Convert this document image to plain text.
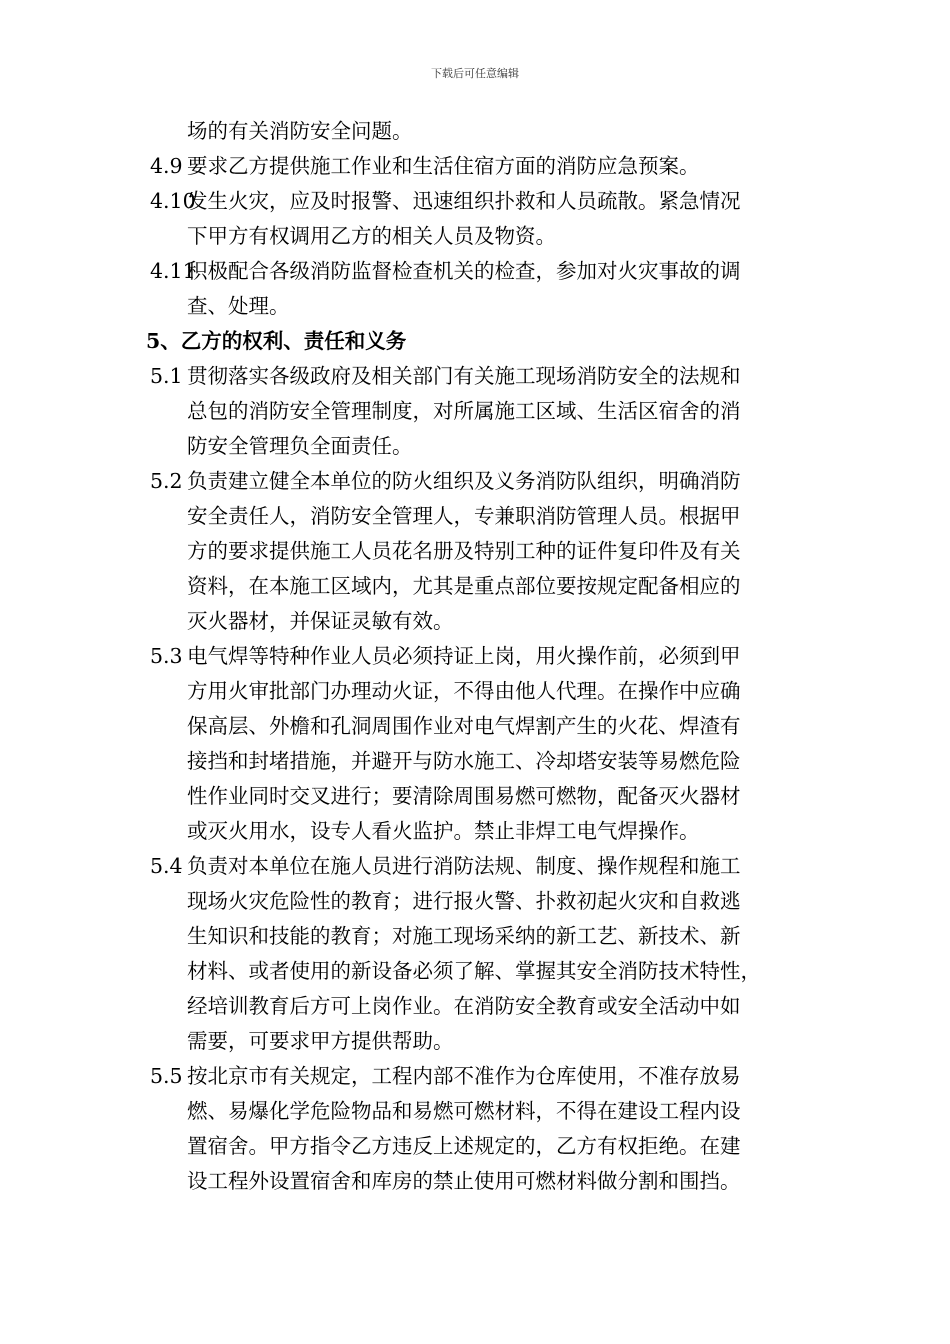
下载后可任意编辑
场的有关消防安全问题。
4.9 要求乙方提供施工作业和生活住宿方面的消防应急预案。
4.10
发生火灾，应及时报警、迅速组织扑救和人员疏散。紧急情况
下甲方有权调用乙方的相关人员及物资。
4.11
积极配合各级消防监督检查机关的检查，参加对火灾事故的调
查、处理。
5、乙方的权利、责任和义务
5.1 贯彻落实各级政府及相关部门有关施工现场消防安全的法规和
总包的消防安全管理制度，对所属施工区域、生活区宿舍的消
防安全管理负全面责任。
5.2 负责建立健全本单位的防火组织及义务消防队组织，明确消防
安全责任人，消防安全管理人，专兼职消防管理人员。根据甲
方的要求提供施工人员花名册及特别工种的证件复印件及有关
资料，在本施工区域内，尤其是重点部位要按规定配备相应的
灭火器材，并保证灵敏有效。
5.3 电气焊等特种作业人员必须持证上岗，用火操作前，必须到甲
方用火审批部门办理动火证，不得由他人代理。在操作中应确
保高层、外檐和孔洞周围作业对电气焊割产生的火花、焊渣有
接挡和封堵措施，并避开与防水施工、冷却塔安装等易燃危险
性作业同时交叉进行；要清除周围易燃可燃物，配备灭火器材
或灭火用水，设专人看火监护。禁止非焊工电气焊操作。
5.4 负责对本单位在施人员进行消防法规、制度、操作规程和施工
现场火灾危险性的教育；进行报火警、扑救初起火灾和自救逃
生知识和技能的教育；对施工现场采纳的新工艺、新技术、新
材料、或者使用的新设备必须了解、掌握其安全消防技术特性，
经培训教育后方可上岗作业。在消防安全教育或安全活动中如
需要，可要求甲方提供帮助。
5.5 按北京市有关规定，工程内部不准作为仓库使用，不准存放易
燃、易爆化学危险物品和易燃可燃材料，不得在建设工程内设
置宿舍。甲方指令乙方违反上述规定的，乙方有权拒绝。在建
设工程外设置宿舍和库房的禁止使用可燃材料做分割和围挡。
